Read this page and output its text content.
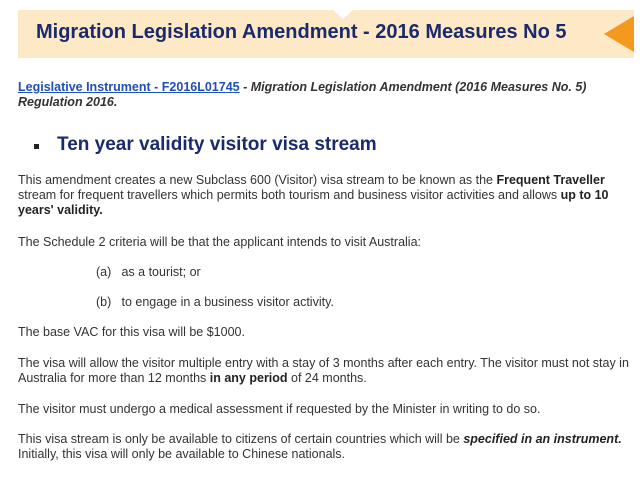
Migration Legislation Amendment - 2016 Measures No 5
Legislative Instrument - F2016L01745 - Migration Legislation Amendment (2016 Measures No. 5) Regulation 2016.
Ten year validity visitor visa stream
This amendment creates a new Subclass 600 (Visitor) visa stream to be known as the Frequent Traveller stream for frequent travellers which permits both tourism and business visitor activities and allows up to 10 years' validity.
The Schedule 2 criteria will be that the applicant intends to visit Australia:
(a) as a tourist; or
(b) to engage in a business visitor activity.
The base VAC for this visa will be $1000.
The visa will allow the visitor multiple entry with a stay of 3 months after each entry. The visitor must not stay in Australia for more than 12 months in any period of 24 months.
The visitor must undergo a medical assessment if requested by the Minister in writing to do so.
This visa stream is only be available to citizens of certain countries which will be specified in an instrument. Initially, this visa will only be available to Chinese nationals.
